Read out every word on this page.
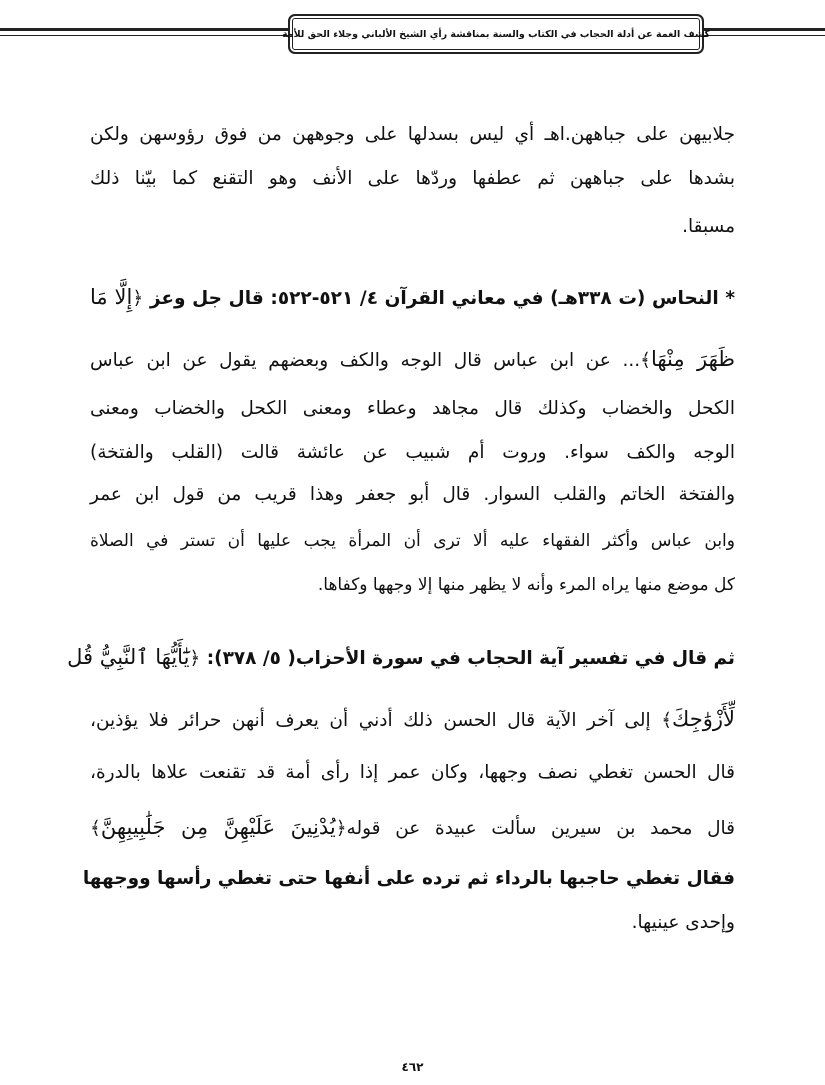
كشف الغمة عن أدلة الحجاب في الكتاب والسنة بمناقشة رأي الشيخ الألباني وجلاء الحق للأمة
جلابيهن على جباههن.اهـ أي ليس بسدلها على وجوههن من فوق رؤوسهن ولكن
بشدها على جباههن ثم عطفها وردّها على الأنف وهو التقنع كما بيّنا ذلك
مسبقا.
* النحاس (ت ٣٣٨هـ) في معاني القرآن ٤/ ٥٢١-٥٢٢: قال جل وعز ﴿إِلَّا مَا
ظَهَرَ مِنْهَا﴾... عن ابن عباس قال الوجه والكف وبعضهم يقول عن ابن عباس
الكحل والخضاب وكذلك قال مجاهد وعطاء ومعنى الكحل والخضاب ومعنى
الوجه والكف سواء. وروت أم شبيب عن عائشة قالت (القلب والفتخة)
والفتخة الخاتم والقلب السوار. قال أبو جعفر وهذا قريب من قول ابن عمر
وابن عباس وأكثر الفقهاء عليه ألا ترى أن المرأة يجب عليها أن تستر في الصلاة
كل موضع منها يراه المرء وأنه لا يظهر منها إلا وجهها وكفاها.
ثم قال في تفسير آية الحجاب في سورة الأحزاب( ٥/ ٣٧٨): ﴿يَٰٓأَيُّهَا ٱلنَّبِيُّ قُل
لِّأَزْوَٰجِكَ﴾ إلى آخر الآية قال الحسن ذلك أدني أن يعرف أنهن حرائر فلا يؤذين،
قال الحسن تغطي نصف وجهها، وكان عمر إذا رأى أمة قد تقنعت علاها بالدرة،
قال محمد بن سيرين سألت عبيدة عن قوله﴿يُدْنِينَ عَلَيْهِنَّ مِن جَلَٰبِيبِهِنَّ﴾
فقال تغطي حاجبها بالرداء ثم ترده على أنفها حتى تغطي رأسها ووجهها
وإحدى عينيها.
٤٦٢
